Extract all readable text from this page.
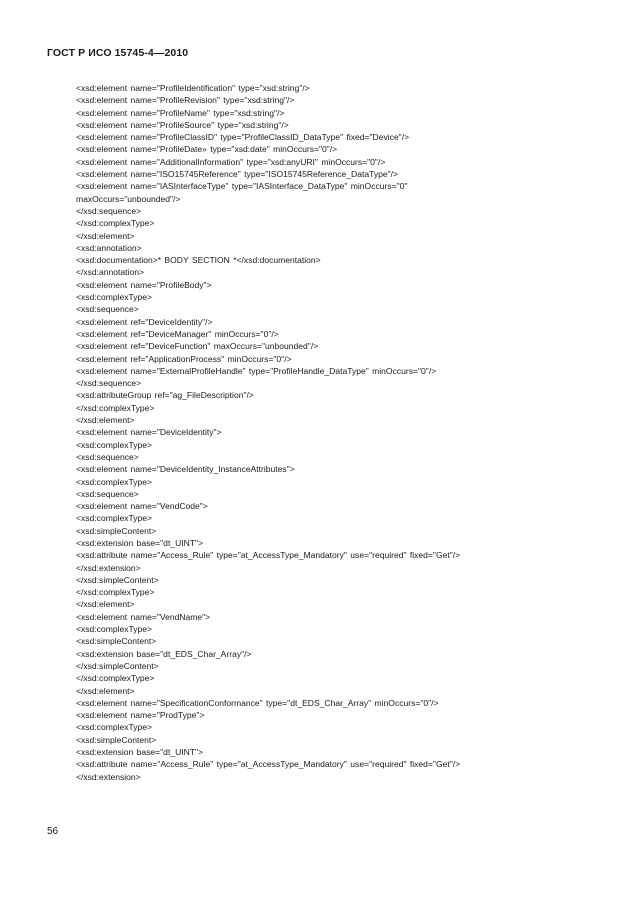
ГОСТ Р ИСО 15745-4—2010
<xsd:element name="ProfileIdentification" type="xsd:string"/>
<xsd:element name="ProfileRevision" type="xsd:string"/>
<xsd:element name="ProfileName" type="xsd:string"/>
<xsd:element name="ProfileSource" type="xsd:string"/>
<xsd:element name="ProfileClassID" type="ProfileClassID_DataType" fixed="Device"/>
<xsd:element name="ProfileDate» type="xsd:date" minOccurs="0"/>
<xsd:element name="AdditionalInformation" type="xsd:anyURI" minOccurs="0"/>
<xsd:element name="ISO15745Reference" type="ISO15745Reference_DataType"/>
<xsd:element name="IASInterfaceType" type="IASInterface_DataType" minOccurs="0"
maxOccurs="unbounded"/>
</xsd:sequence>
</xsd:complexType>
</xsd:element>
<xsd:annotation>
<xsd:documentation>* BODY SECTION *</xsd:documentation>
</xsd:annotation>
<xsd:element name="ProfileBody">
<xsd:complexType>
<xsd:sequence>
<xsd:element ref="DeviceIdentity"/>
<xsd:element ref="DeviceManager" minOccurs="0"/>
<xsd:element ref="DeviceFunction" maxOccurs="unbounded"/>
<xsd:element ref="ApplicationProcess" minOccurs="0"/>
<xsd:element name="ExternalProfileHandle" type="ProfileHandle_DataType" minOccurs="0"/>
</xsd:sequence>
<xsd:attributeGroup ref="ag_FileDescription"/>
</xsd:complexType>
</xsd:element>
<xsd:element name="DeviceIdentity">
<xsd:complexType>
<xsd:sequence>
<xsd:element name="DeviceIdentity_InstanceAttributes">
<xsd:complexType>
<xsd:sequence>
<xsd:element name="VendCode">
<xsd:complexType>
<xsd:simpleContent>
<xsd:extension base="dt_UINT">
<xsd:attribute name="Access_Rule" type="at_AccessType_Mandatory" use="required" fixed="Get"/>
</xsd:extension>
</xsd:simpleContent>
</xsd:complexType>
</xsd:element>
<xsd:element name="VendName">
<xsd:complexType>
<xsd:simpleContent>
<xsd:extension base="dt_EDS_Char_Array"/>
</xsd:simpleContent>
</xsd:complexType>
</xsd:element>
<xsd:element name="SpecificationConformance" type="dt_EDS_Char_Array" minOccurs="0"/>
<xsd:element name="ProdType">
<xsd:complexType>
<xsd:simpleContent>
<xsd:extension base="dt_UINT">
<xsd:attribute name="Access_Rule" type="at_AccessType_Mandatory" use="required" fixed="Get"/>
</xsd:extension>
56
